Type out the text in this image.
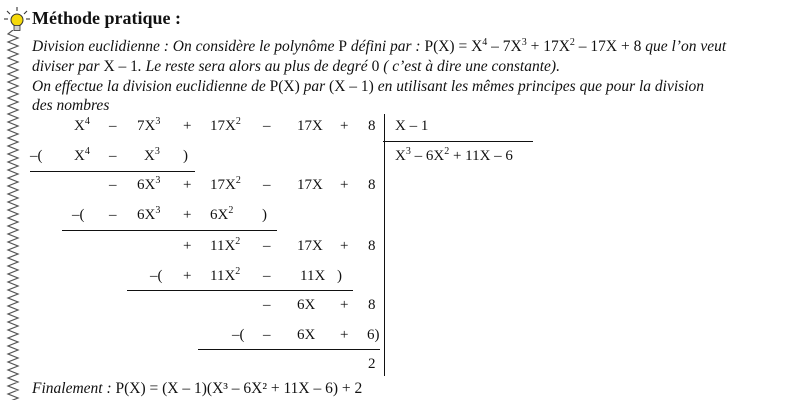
Méthode pratique :
Division euclidienne : On considère le polynôme P défini par : $P(X) = X^4 - 7X^3 + 17X^2 - 17X + 8$ que l’on veut
diviser par X – 1. Le reste sera alors au plus de degré 0 ( c’est à dire une constante).
On effectue la division euclidienne de P(X) par (X – 1) en utilisant les mêmes principes que pour la division
des nombres
$X^4 - 7X^3 + 17X^2 - 17X + 8$
–( $X^4 - X^3$ )
– $6X^3 + 17X^2 - 17X + 8$
–( – $6X^3 + 6X^2$ )
+ $11X^2 - 17X + 8$
–( + $11X^2 - 11X$ )
– 6X + 8
–( – 6X + 6)
X – 1
$X^3 - 6X^2 + 11X - 6$
2
Finalement : P(X) = (X – 1)(X³ – 6X² + 11X – 6) + 2
